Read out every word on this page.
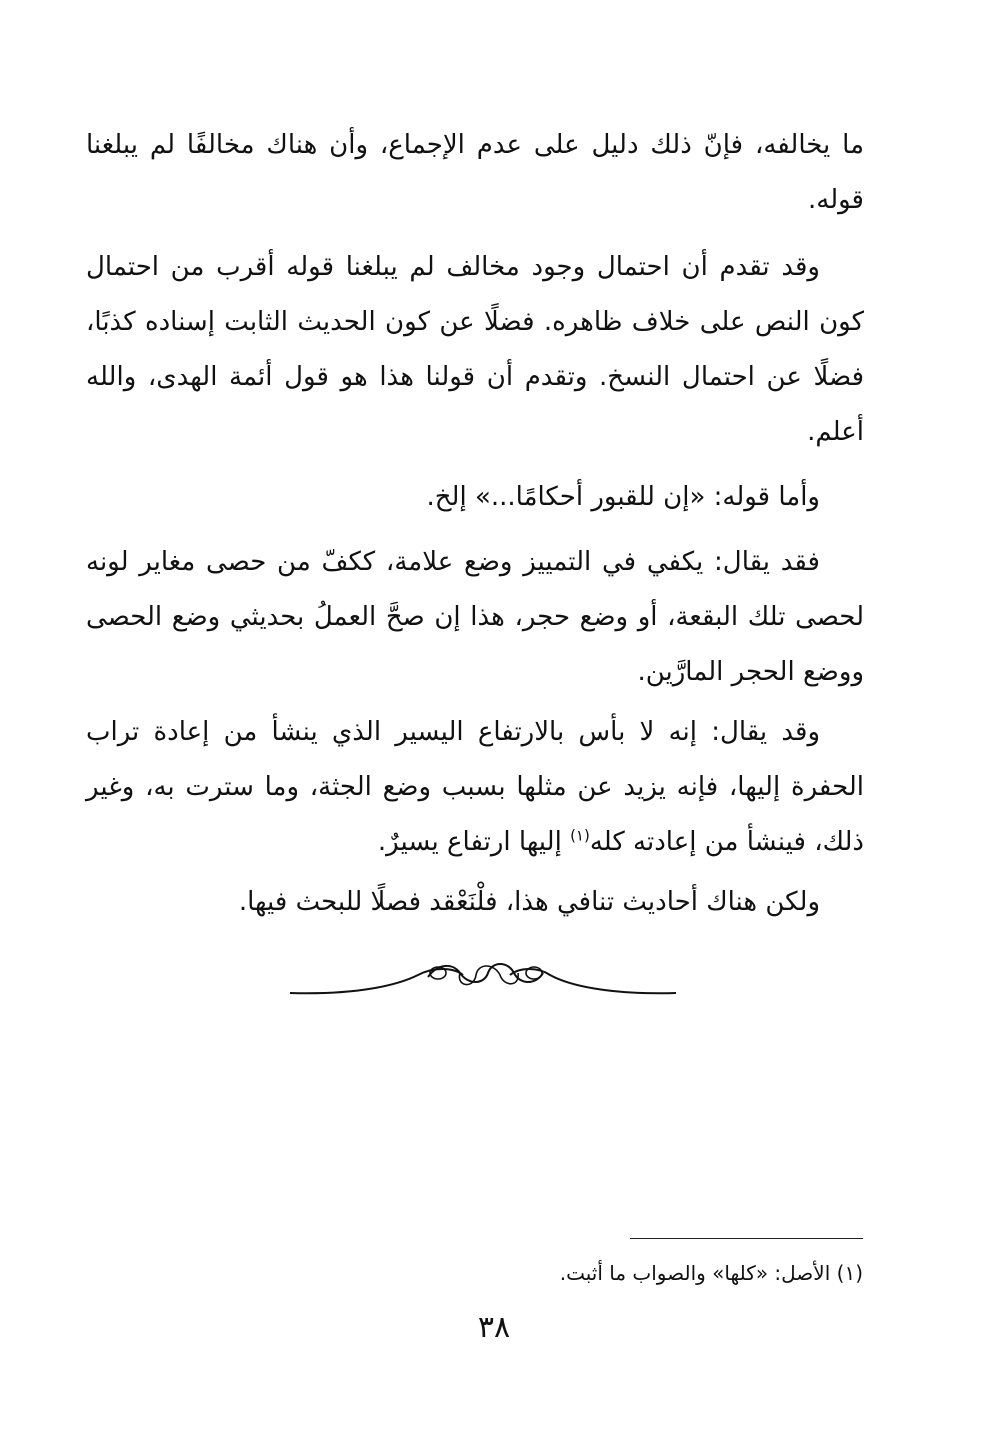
ما يخالفه، فإنّ ذلك دليل على عدم الإجماع، وأن هناك مخالفًا لم يبلغنا قوله.

وقد تقدم أن احتمال وجود مخالف لم يبلغنا قوله أقرب من احتمال كون النص على خلاف ظاهره. فضلًا عن كون الحديث الثابت إسناده كذبًا، فضلًا عن احتمال النسخ. وتقدم أن قولنا هذا هو قول أئمة الهدى، والله أعلم.

وأما قوله: «إن للقبور أحكامًا...» إلخ.

فقد يقال: يكفي في التمييز وضع علامة، ككفّ من حصى مغاير لونه لحصى تلك البقعة، أو وضع حجر، هذا إن صحَّ العملُ بحديثي وضع الحصى ووضع الحجر المارَّين.

وقد يقال: إنه لا بأس بالارتفاع اليسير الذي ينشأ من إعادة تراب الحفرة إليها، فإنه يزيد عن مثلها بسبب وضع الجثة، وما سترت به، وغير ذلك، فينشأ من إعادته كله$^{(١)}$ إليها ارتفاع يسيرٌ.

ولكن هناك أحاديث تنافي هذا، فلْنَعْقد فصلًا للبحث فيها.

(١) الأصل: «كلها» والصواب ما أثبت.
٣٨
